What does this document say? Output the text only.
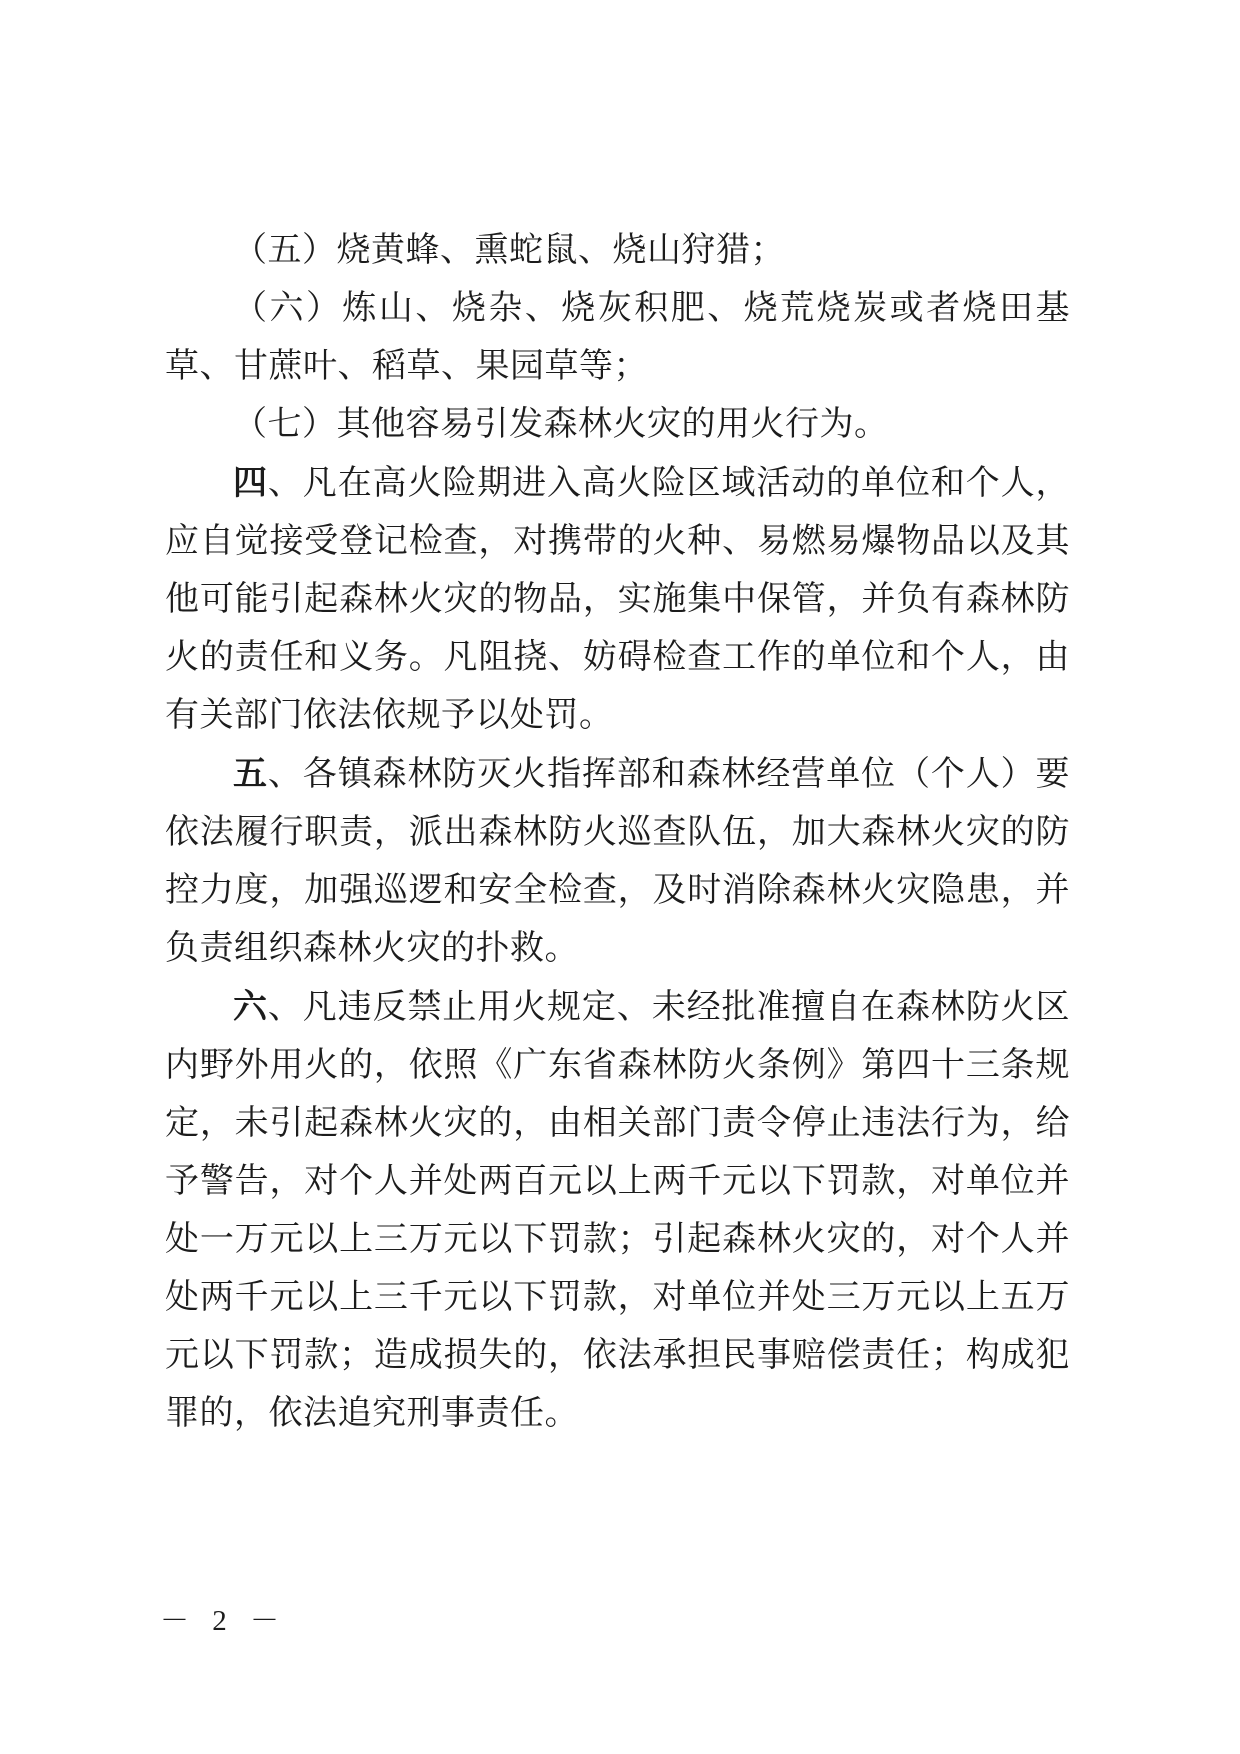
（五）烧黄蜂、熏蛇鼠、烧山狩猎；

（六）炼山、烧杂、烧灰积肥、烧荒烧炭或者烧田基草、甘蔗叶、稻草、果园草等；

（七）其他容易引发森林火灾的用火行为。

四、凡在高火险期进入高火险区域活动的单位和个人，应自觉接受登记检查，对携带的火种、易燃易爆物品以及其他可能引起森林火灾的物品，实施集中保管，并负有森林防火的责任和义务。凡阻挠、妨碍检查工作的单位和个人，由有关部门依法依规予以处罚。

五、各镇森林防灭火指挥部和森林经营单位（个人）要依法履行职责，派出森林防火巡查队伍，加大森林火灾的防控力度，加强巡逻和安全检查，及时消除森林火灾隐患，并负责组织森林火灾的扑救。

六、凡违反禁止用火规定、未经批准擅自在森林防火区内野外用火的，依照《广东省森林防火条例》第四十三条规定，未引起森林火灾的，由相关部门责令停止违法行为，给予警告，对个人并处两百元以上两千元以下罚款，对单位并处一万元以上三万元以下罚款；引起森林火灾的，对个人并处两千元以上三千元以下罚款，对单位并处三万元以上五万元以下罚款；造成损失的，依法承担民事赔偿责任；构成犯罪的，依法追究刑事责任。

－ 2 －
